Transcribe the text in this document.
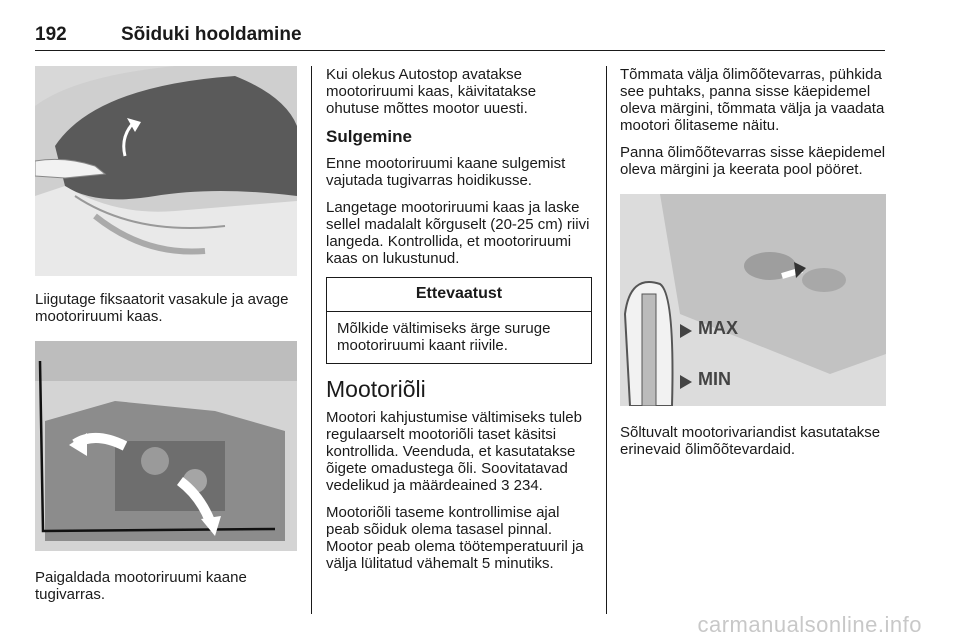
192	Sõiduki hooldamine

Liigutage fiksaatorit vasakule ja avage mootoriruumi kaas.

Paigaldada mootoriruumi kaane tugivarras.

Kui olekus Autostop avatakse mootoriruumi kaas, käivitatakse ohutuse mõttes mootor uuesti.

Sulgemine

Enne mootoriruumi kaane sulgemist vajutada tugivarras hoidikusse.

Langetage mootoriruumi kaas ja laske sellel madalalt kõrguselt (20-25 cm) riivi langeda. Kontrollida, et mootoriruumi kaas on lukustunud.

Ettevaatust
Mõlkide vältimiseks ärge suruge mootoriruumi kaant riivile.
Mootoriõli

Mootori kahjustumise vältimiseks tuleb regulaarselt mootoriõli taset käsitsi kontrollida. Veenduda, et kasutatakse õigete omadustega õli. Soovitatavad vedelikud ja määrdeained 3 234.

Mootoriõli taseme kontrollimise ajal peab sõiduk olema tasasel pinnal. Mootor peab olema töötemperatuuril ja välja lülitatud vähemalt 5 minutiks.

Tõmmata välja õlimõõtevarras, pühkida see puhtaks, panna sisse käepidemel oleva märgini, tõmmata välja ja vaadata mootori õlitaseme näitu.

Panna õlimõõtevarras sisse käepidemel oleva märgini ja keerata pool pööret.

MAX
MIN

Sõltuvalt mootorivariandist kasutatakse erinevaid õlimõõtevardaid.

carmanualsonline.info
